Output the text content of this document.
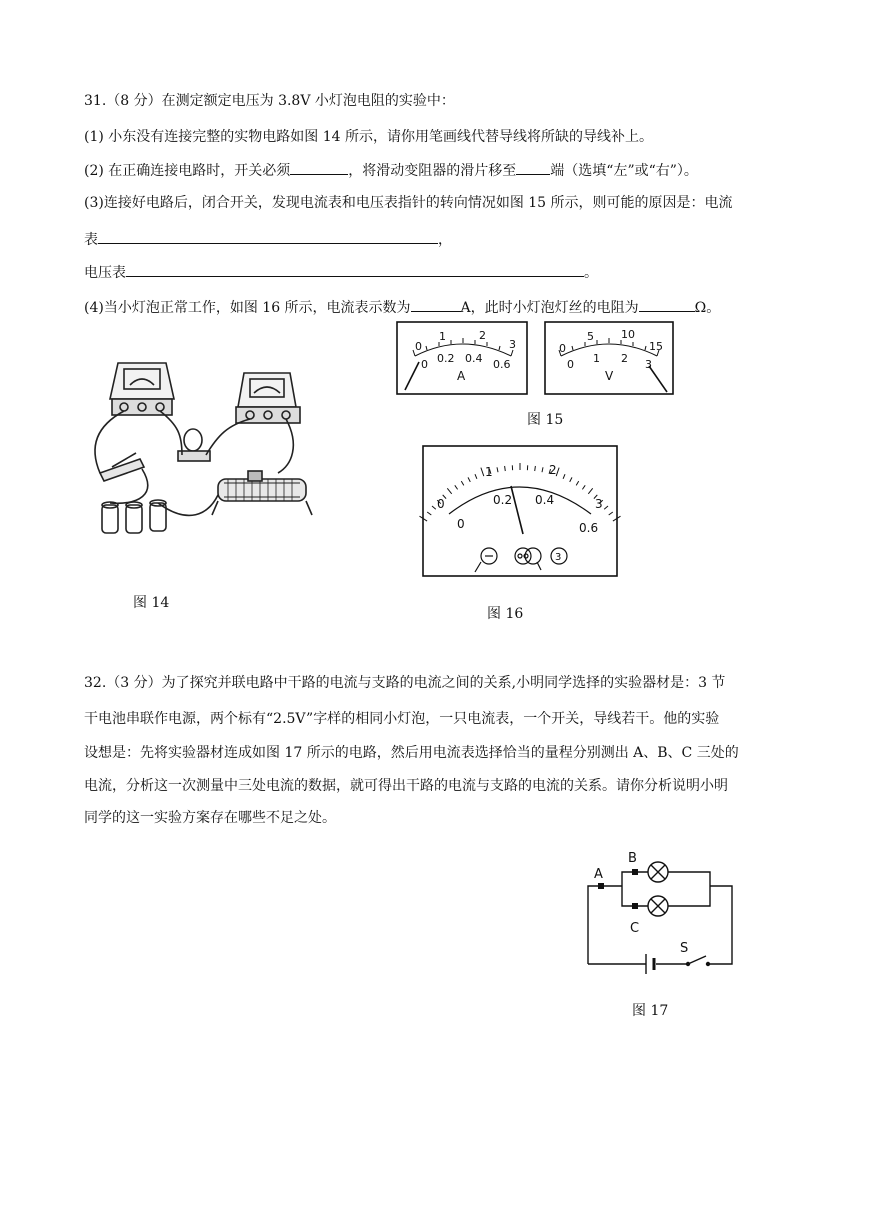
31.（8 分）在测定额定电压为 3.8V 小灯泡电阻的实验中：
(1) 小东没有连接完整的实物电路如图 14 所示，请你用笔画线代替导线将所缺的导线补上。
(2) 在正确连接电路时，开关必须	，将滑动变阻器的滑片移至 端（选填“左”或“右”）。
(3)连接好电路后，闭合开关，发现电流表和电压表指针的转向情况如图 15 所示，则可能的原因是：电流
表	，
电压表	。
(4)当小灯泡正常工作，如图 16 所示，电流表示数为	A，此时小灯泡灯丝的电阻为	Ω。
图 14
0
1	2
3
0 0.2 0.4 0.6
A
0
5 10
15
0 1 2 3
V
图 15
0
1	2
3
0
0.2 0.4
0.6
3
图 16
32.（3 分）为了探究并联电路中干路的电流与支路的电流之间的关系,小明同学选择的实验器材是：3 节
干电池串联作电源，两个标有“2.5V”字样的相同小灯泡，一只电流表，一个开关，导线若干。他的实验
设想是：先将实验器材连成如图 17 所示的电路，然后用电流表选择恰当的量程分别测出 A、B、C 三处的
电流，分析这一次测量中三处电流的数据，就可得出干路的电流与支路的电流的关系。请你分析说明小明
同学的这一实验方案存在哪些不足之处。
A
B
C
S
图 17
